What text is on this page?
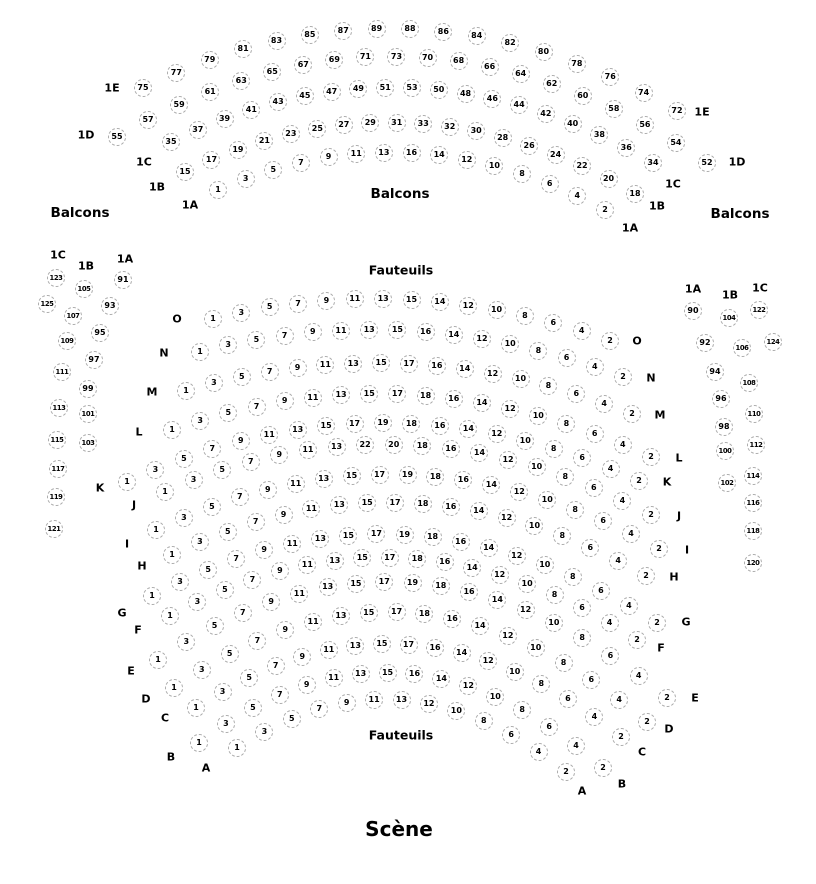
Balcons
Balcons
Balcons
Fauteuils
Fauteuils
Scène
75
77
79
81
83
85	87	89	88	86
84
82
80
78
76
74
72
1E
1E
55
57
59
61
63
65
67
69	71	73	70	68
66
64
62
60
58
56
54
52
1D
1D
35
37
39
41
43
45	47	49	51	53	50	48
46
44
42
40
38
36
34
1C
1C
15
17
19
21
23
25	27	29	31	33	32
30
28
26
24
22
20
18
1B
1B
1
3
5
7
9	11	13	16	14	12
10
8
6
4
2
1A
1A
123
125
1C
105
107
109
111
113
115
117
119
121
1B
91
93
95
97
99
101
103
1A
90
92
94
96
98
100
102
1A
104
106
108
110
112
114
116
118
120
1B
122
124
1C
1
3
5	7	9	11	13	15	14	12
10
8
6
4
2
O
O
1
3
5	7	9	11	13	15	16	14	12
10
8
6
4
2
N
N
1
3
5
7	9	11	13	15	17	16	14	12
10
8
6
4
2
M
M
1
3
5
7
9	11	13	15	17	18	16	14
12
10
8
6
4
2
L
L
1
3
5
7
9
11
13	15	17	19	18	16	14
12
10
8
6
4
2
K	K
1
3
5
7
9
11	13	22	20	18	16
14
12
10
8
6
4
2
J
J
1
3
5
7
9
11
13	15	17	19	18	16
14
12
10
8
6
4
2
I	I
1
3
5
7
9
11	13	15	17	18	16
14
12
10
8
6
4
2
H
H
1
3
5
7
9
11
13	15	17	19	18	16
14
12
10
8
6
4
2
G
G
1
3
5
7
9
11	13	15	17	18	16
14
12
10
8
6
4
2
F
F
1
3
5
7
9
11
13	15	17	19	18
16
14
12
10
8
6
4
2
E
E
1
3
5
7
9
11
13	15	17	18
16
14
12
10
8
6
4
2
D
D
1
3
5
7
9
11	13	15	17	16
14
12
10
8
6
4
2
C
C
1
3
5
7
9
11	13	15	16
14
12
10
8
6
4
2
B
B
1
3
5
7
9	11	13	12
10
8
6
4
2
A
A
